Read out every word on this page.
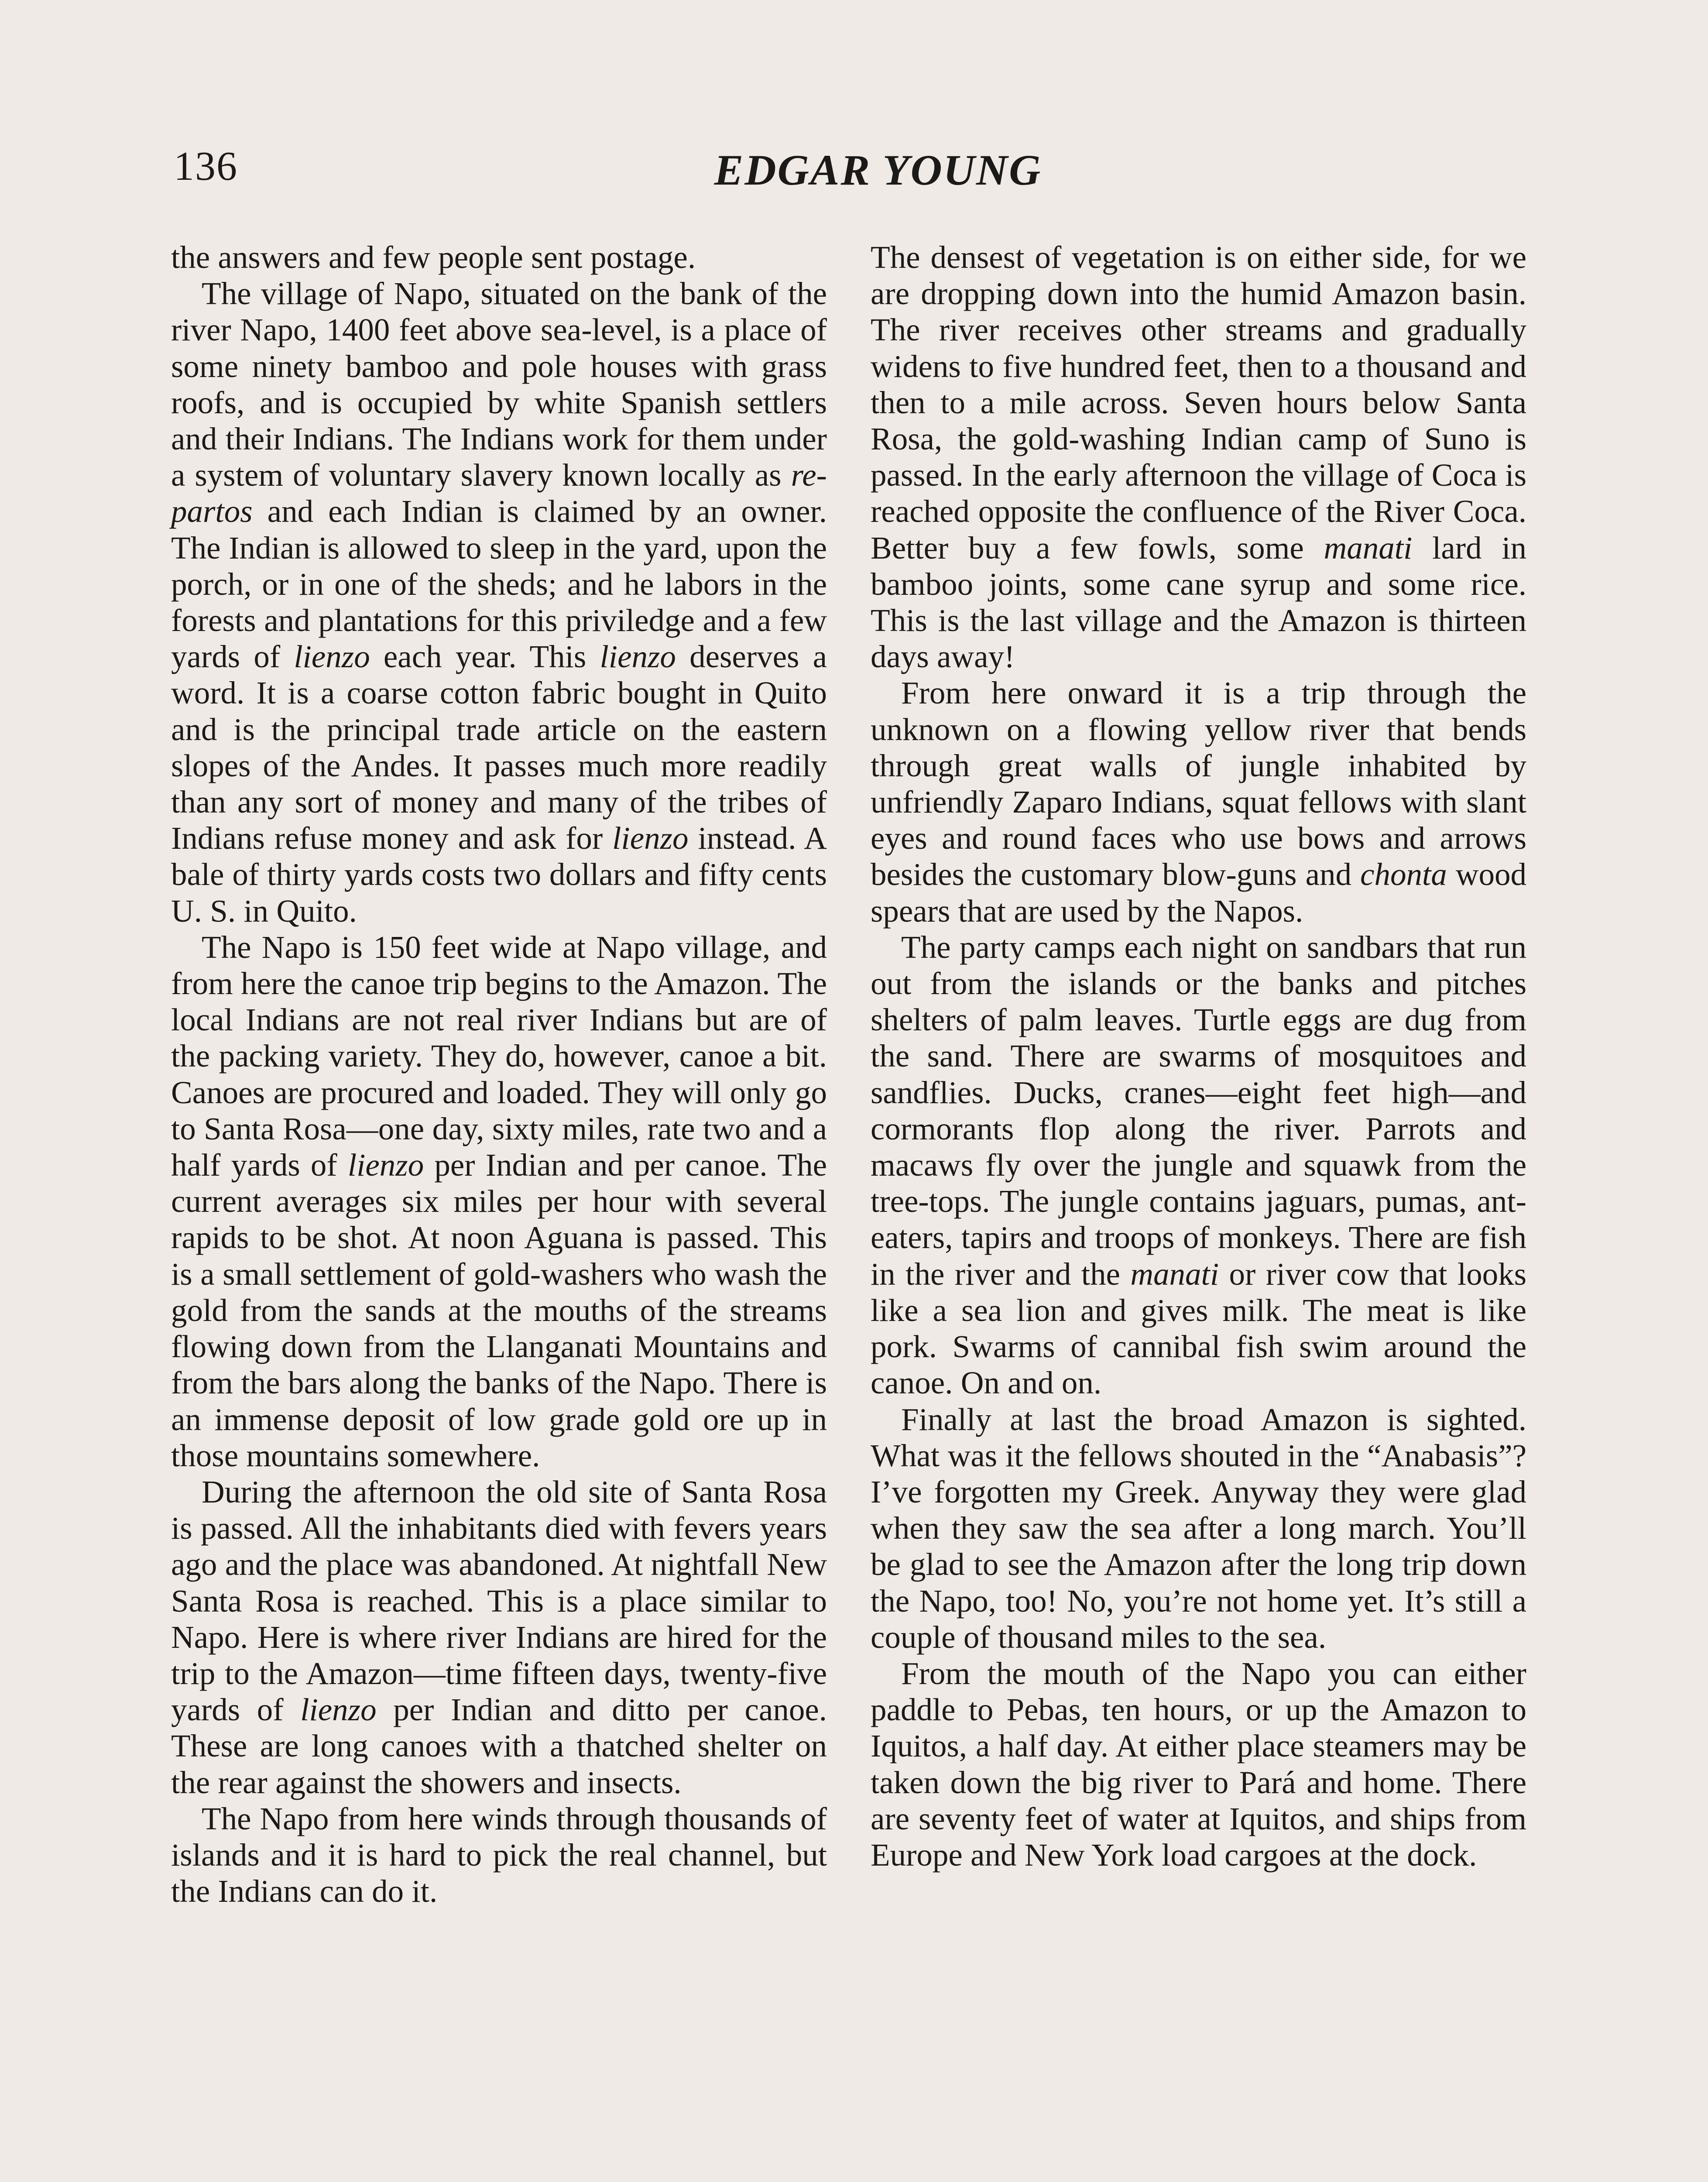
136	EDGAR YOUNG

the answers and few people sent postage.

The village of Napo, situated on the bank of the river Napo, 1400 feet above sea-level, is a place of some ninety bamboo and pole houses with grass roofs, and is occupied by white Spanish settlers and their Indians. The Indians work for them under a system of voluntary slavery known locally as re-partos and each Indian is claimed by an owner. The Indian is allowed to sleep in the yard, upon the porch, or in one of the sheds; and he labors in the forests and plantations for this priviledge and a few yards of lienzo each year. This lienzo deserves a word. It is a coarse cotton fabric bought in Quito and is the principal trade article on the eastern slopes of the Andes. It passes much more readily than any sort of money and many of the tribes of Indians refuse money and ask for lienzo instead. A bale of thirty yards costs two dollars and fifty cents U. S. in Quito.

The Napo is 150 feet wide at Napo village, and from here the canoe trip begins to the Amazon. The local Indians are not real river Indians but are of the packing variety. They do, however, canoe a bit. Canoes are procured and loaded. They will only go to Santa Rosa—one day, sixty miles, rate two and a half yards of lienzo per Indian and per canoe. The current averages six miles per hour with several rapids to be shot. At noon Aguana is passed. This is a small settlement of gold-washers who wash the gold from the sands at the mouths of the streams flowing down from the Llanganati Mountains and from the bars along the banks of the Napo. There is an immense deposit of low grade gold ore up in those mountains somewhere.

During the afternoon the old site of Santa Rosa is passed. All the inhabitants died with fevers years ago and the place was abandoned. At nightfall New Santa Rosa is reached. This is a place similar to Napo. Here is where river Indians are hired for the trip to the Amazon—time fifteen days, twenty-five yards of lienzo per Indian and ditto per canoe. These are long canoes with a thatched shelter on the rear against the showers and insects.

The Napo from here winds through thousands of islands and it is hard to pick the real channel, but the Indians can do it.

The densest of vegetation is on either side, for we are dropping down into the humid Amazon basin. The river receives other streams and gradually widens to five hundred feet, then to a thousand and then to a mile across. Seven hours below Santa Rosa, the gold-washing Indian camp of Suno is passed. In the early afternoon the village of Coca is reached opposite the confluence of the River Coca. Better buy a few fowls, some manati lard in bamboo joints, some cane syrup and some rice. This is the last village and the Amazon is thirteen days away!

From here onward it is a trip through the unknown on a flowing yellow river that bends through great walls of jungle inhabited by unfriendly Zaparo Indians, squat fellows with slant eyes and round faces who use bows and arrows besides the customary blow-guns and chonta wood spears that are used by the Napos.

The party camps each night on sandbars that run out from the islands or the banks and pitches shelters of palm leaves. Turtle eggs are dug from the sand. There are swarms of mosquitoes and sandflies. Ducks, cranes—eight feet high—and cormorants flop along the river. Parrots and macaws fly over the jungle and squawk from the tree-tops. The jungle contains jaguars, pumas, ant-eaters, tapirs and troops of monkeys. There are fish in the river and the manati or river cow that looks like a sea lion and gives milk. The meat is like pork. Swarms of cannibal fish swim around the canoe. On and on.

Finally at last the broad Amazon is sighted. What was it the fellows shouted in the “Anabasis”? I’ve forgotten my Greek. Anyway they were glad when they saw the sea after a long march. You’ll be glad to see the Amazon after the long trip down the Napo, too! No, you’re not home yet. It’s still a couple of thousand miles to the sea.

From the mouth of the Napo you can either paddle to Pebas, ten hours, or up the Amazon to Iquitos, a half day. At either place steamers may be taken down the big river to Pará and home. There are seventy feet of water at Iquitos, and ships from Europe and New York load cargoes at the dock.
